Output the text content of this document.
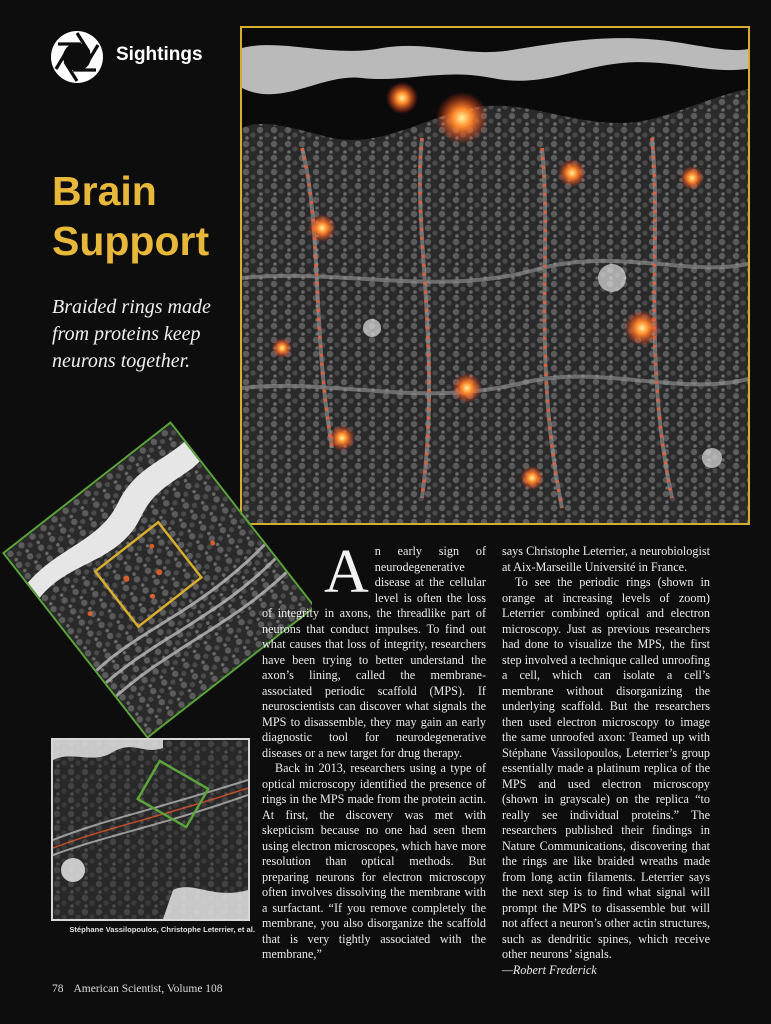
Sightings
Brain
Support
Braided rings made from proteins keep neurons together.
Stéphane Vassilopoulos, Christophe Leterrier, et al.

An early sign of neurodegenerative disease at the cellular level is often the loss of integrity in axons, the threadlike part of neurons that conduct impulses. To find out what causes that loss of integrity, researchers have been trying to better understand the axon’s lining, called the membrane-associated periodic scaffold (MPS). If neuroscientists can discover what signals the MPS to disassemble, they may gain an early diagnostic tool for neurodegenerative diseases or a new target for drug therapy.

Back in 2013, researchers using a type of optical microscopy identified the presence of rings in the MPS made from the protein actin. At first, the discovery was met with skepticism because no one had seen them using electron microscopes, which have more resolution than optical methods. But preparing neurons for electron microscopy often involves dissolving the membrane with a surfactant. “If you remove completely the membrane, you also disorganize the scaffold that is very tightly associated with the membrane,”

says Christophe Leterrier, a neurobiologist at Aix-Marseille Université in France.

To see the periodic rings (shown in orange at increasing levels of zoom) Leterrier combined optical and electron microscopy. Just as previous researchers had done to visualize the MPS, the first step involved a technique called unroofing a cell, which can isolate a cell’s membrane without disorganizing the underlying scaffold. But the researchers then used electron microscopy to image the same unroofed axon: Teamed up with Stéphane Vassilopoulos, Leterrier’s group essentially made a platinum replica of the MPS and used electron microscopy (shown in grayscale) on the replica “to really see individual proteins.” The researchers published their findings in Nature Communications, discovering that the rings are like braided wreaths made from long actin filaments. Leterrier says the next step is to find what signal will prompt the MPS to disassemble but will not affect a neuron’s other actin structures, such as dendritic spines, which receive other neurons’ signals.

—Robert Frederick

78 American Scientist, Volume 108
